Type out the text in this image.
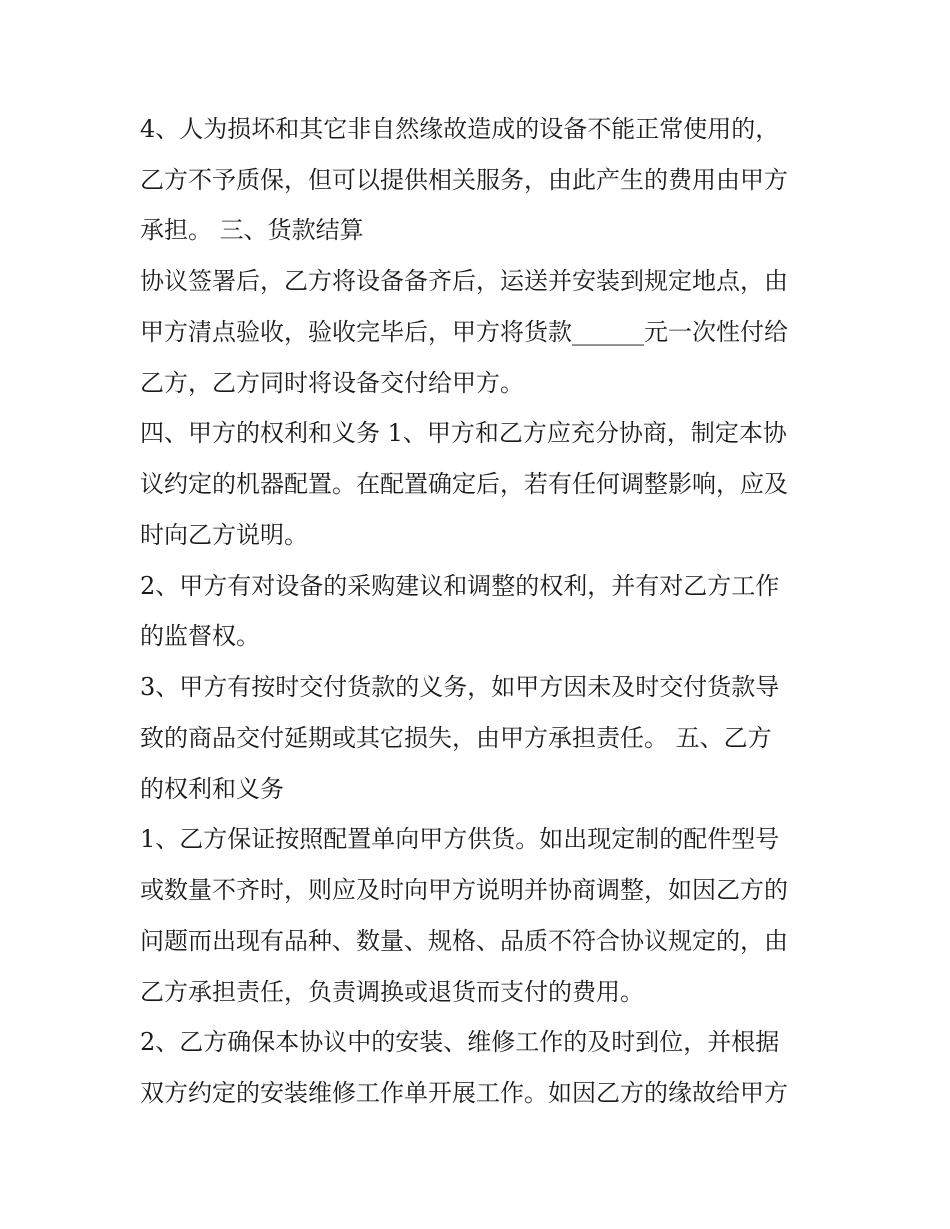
4、人为损坏和其它非自然缘故造成的设备不能正常使用的，

乙方不予质保，但可以提供相关服务，由此产生的费用由甲方

承担。 三、货款结算

协议签署后，乙方将设备备齐后，运送并安装到规定地点，由

甲方清点验收，验收完毕后，甲方将货款______元一次性付给

乙方，乙方同时将设备交付给甲方。

四、甲方的权利和义务 1、甲方和乙方应充分协商，制定本协

议约定的机器配置。在配置确定后，若有任何调整影响，应及

时向乙方说明。

2、甲方有对设备的采购建议和调整的权利，并有对乙方工作

的监督权。

3、甲方有按时交付货款的义务，如甲方因未及时交付货款导

致的商品交付延期或其它损失，由甲方承担责任。 五、乙方

的权利和义务

1、乙方保证按照配置单向甲方供货。如出现定制的配件型号

或数量不齐时，则应及时向甲方说明并协商调整，如因乙方的

问题而出现有品种、数量、规格、品质不符合协议规定的，由

乙方承担责任，负责调换或退货而支付的费用。

2、乙方确保本协议中的安装、维修工作的及时到位，并根据

双方约定的安装维修工作单开展工作。如因乙方的缘故给甲方
